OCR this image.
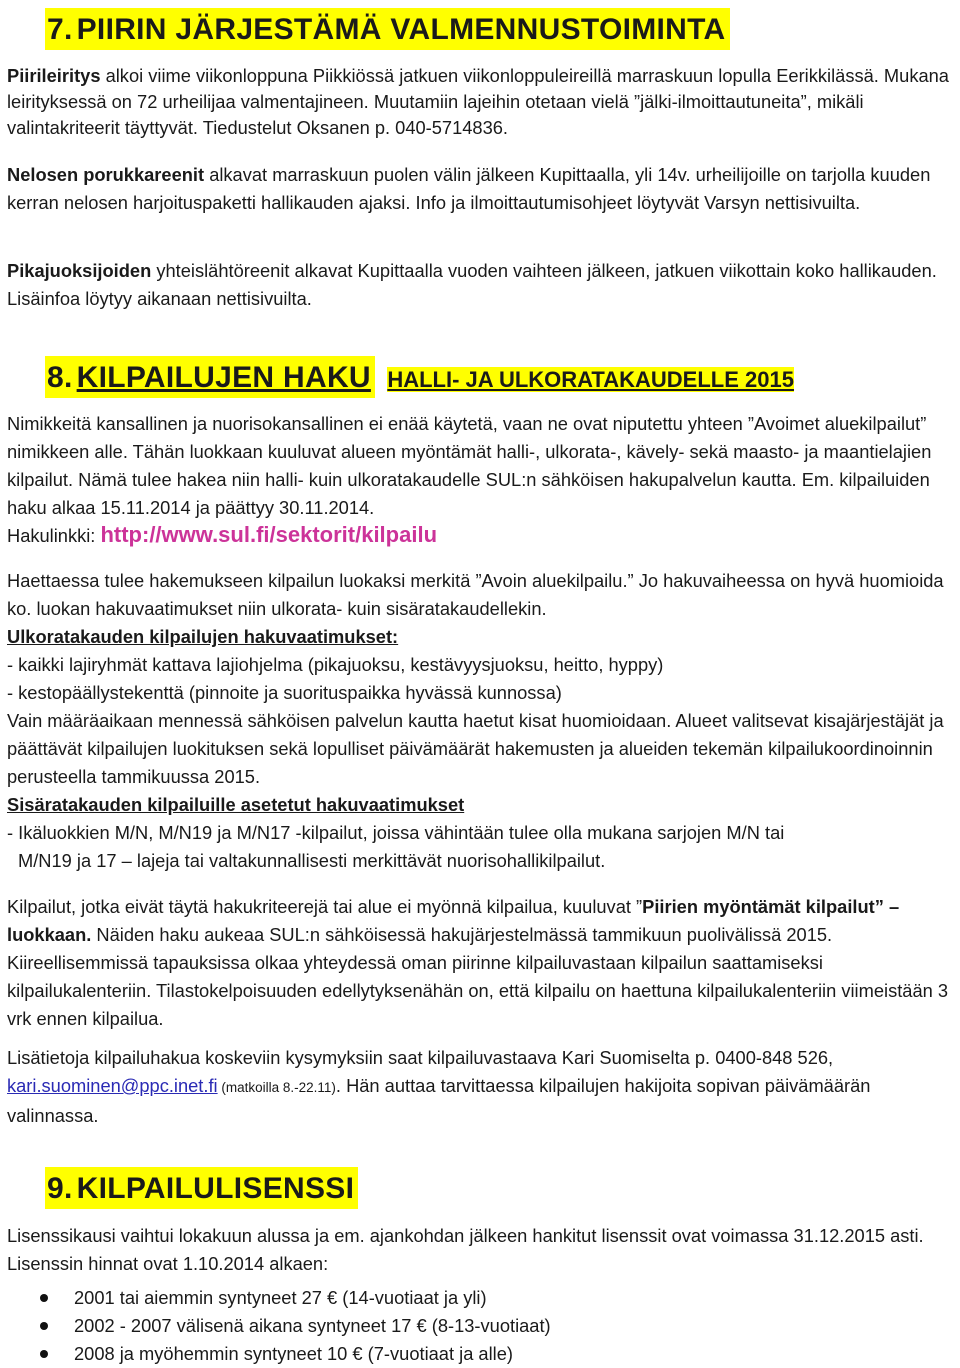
7. PIIRIN JÄRJESTÄMÄ VALMENNUSTOIMINTA

Piirileiritys alkoi viime viikonloppuna Piikkiössä jatkuen viikonloppuleireillä marraskuun lopulla Eerikkilässä. Mukana leirityksessä on 72 urheilijaa valmentajineen. Muutamiin lajeihin otetaan vielä ”jälki-ilmoittautuneita”, mikäli valintakriteerit täyttyvät. Tiedustelut Oksanen p. 040-5714836.

Nelosen porukkareenit alkavat marraskuun puolen välin jälkeen Kupittaalla, yli 14v. urheilijoille on tarjolla kuuden kerran nelosen harjoituspaketti hallikauden ajaksi. Info ja ilmoittautumisohjeet löytyvät Varsyn nettisivuilta.

Pikajuoksijoiden yhteislähtöreenit alkavat Kupittaalla vuoden vaihteen jälkeen, jatkuen viikottain koko hallikauden. Lisäinfoa löytyy aikanaan nettisivuilta.

8. KILPAILUJEN HAKU HALLI- JA ULKORATAKAUDELLE 2015

Nimikkeitä kansallinen ja nuorisokansallinen ei enää käytetä, vaan ne ovat niputettu yhteen ”Avoimet aluekilpailut” nimikkeen alle. Tähän luokkaan kuuluvat alueen myöntämät halli-, ulkorata-, kävely- sekä maasto- ja maantielajien kilpailut. Nämä tulee hakea niin halli- kuin ulkoratakaudelle SUL:n sähköisen hakupalvelun kautta. Em. kilpailuiden haku alkaa 15.11.2014 ja päättyy 30.11.2014.

Hakulinkki: http://www.sul.fi/sektorit/kilpailu

Haettaessa tulee hakemukseen kilpailun luokaksi merkitä ”Avoin aluekilpailu.” Jo hakuvaiheessa on hyvä huomioida ko. luokan hakuvaatimukset niin ulkorata- kuin sisäratakaudellekin.

Ulkoratakauden kilpailujen hakuvaatimukset:

- kaikki lajiryhmät kattava lajiohjelma (pikajuoksu, kestävyysjuoksu, heitto, hyppy)

- kestopäällystekenttä (pinnoite ja suorituspaikka hyvässä kunnossa)

Vain määräaikaan mennessä sähköisen palvelun kautta haetut kisat huomioidaan. Alueet valitsevat kisajärjestäjät ja päättävät kilpailujen luokituksen sekä lopulliset päivämäärät hakemusten ja alueiden tekemän kilpailukoordinoinnin perusteella tammikuussa 2015.

Sisäratakauden kilpailuille asetetut hakuvaatimukset

- Ikäluokkien M/N, M/N19 ja M/N17 -kilpailut, joissa vähintään tulee olla mukana sarjojen M/N tai

M/N19 ja 17 – lajeja tai valtakunnallisesti merkittävät nuorisohallikilpailut.

Kilpailut, jotka eivät täytä hakukriteerejä tai alue ei myönnä kilpailua, kuuluvat ”Piirien myöntämät kilpailut” – luokkaan. Näiden haku aukeaa SUL:n sähköisessä hakujärjestelmässä tammikuun puolivälissä 2015. Kiireellisemmissä tapauksissa olkaa yhteydessä oman piirinne kilpailuvastaan kilpailun saattamiseksi kilpailukalenteriin. Tilastokelpoisuuden edellytyksenähän on, että kilpailu on haettuna kilpailukalenteriin viimeistään 3 vrk ennen kilpailua.

Lisätietoja kilpailuhakua koskeviin kysymyksiin saat kilpailuvastaava Kari Suomiselta p. 0400-848 526, kari.suominen@ppc.inet.fi (matkoilla 8.-22.11). Hän auttaa tarvittaessa kilpailujen hakijoita sopivan päivämäärän valinnassa.

9. KILPAILULISENSSI

Lisenssikausi vaihtui lokakuun alussa ja em. ajankohdan jälkeen hankitut lisenssit ovat voimassa 31.12.2015 asti. Lisenssin hinnat ovat 1.10.2014 alkaen:

2001 tai aiemmin syntyneet 27 € (14-vuotiaat ja yli)
2002 - 2007 välisenä aikana syntyneet 17 € (8-13-vuotiaat)
2008 ja myöhemmin syntyneet 10 € (7-vuotiaat ja alle)
